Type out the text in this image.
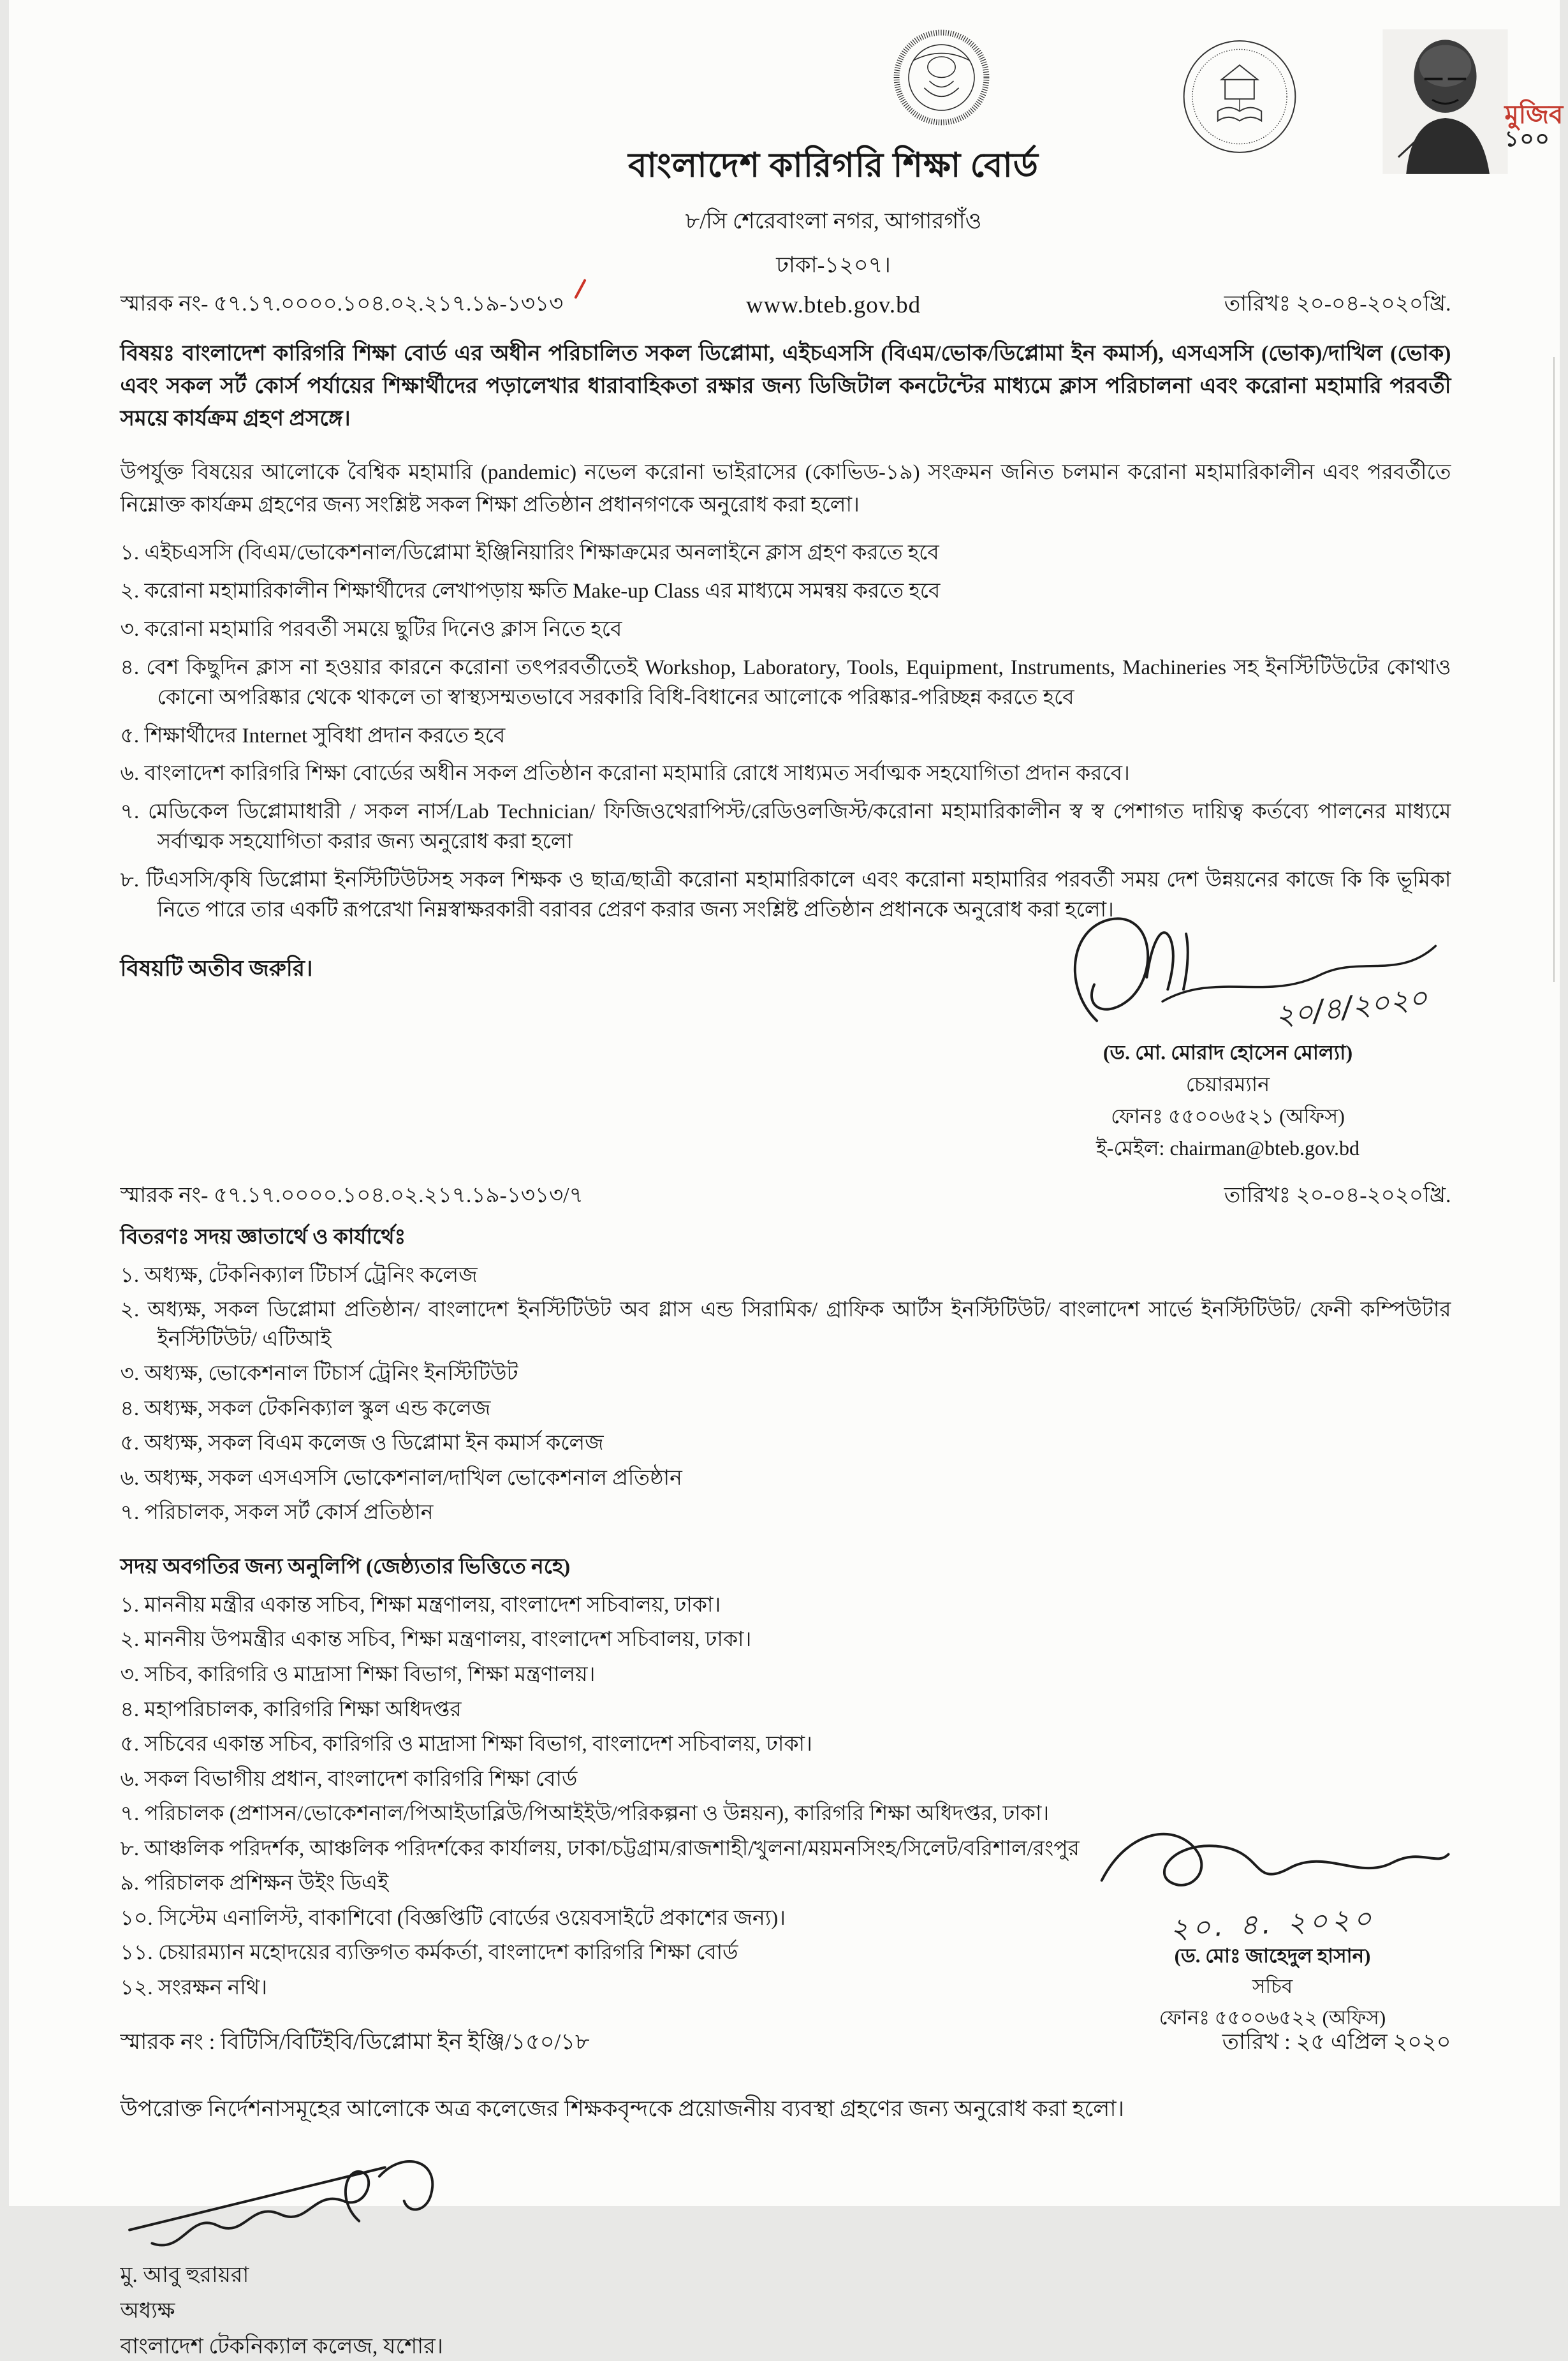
মুজিব
১০০
বাংলাদেশ কারিগরি শিক্ষা বোর্ড
৮/সি শেরেবাংলা নগর, আগারগাঁও
ঢাকা-১২০৭।
www.bteb.gov.bd
স্মারক নং- ৫৭.১৭.০০০০.১০৪.০২.২১৭.১৯-১৩১৩	তারিখঃ ২০-০৪-২০২০খ্রি.
বিষয়ঃ বাংলাদেশ কারিগরি শিক্ষা বোর্ড এর অধীন পরিচালিত সকল ডিপ্লোমা, এইচএসসি (বিএম/ভোক/ডিপ্লোমা ইন কমার্স), এসএসসি (ভোক)/দাখিল (ভোক) এবং সকল সর্ট কোর্স পর্যায়ের শিক্ষার্থীদের পড়ালেখার ধারাবাহিকতা রক্ষার জন্য ডিজিটাল কনটেন্টের মাধ্যমে ক্লাস পরিচালনা এবং করোনা মহামারি পরবর্তী সময়ে কার্যক্রম গ্রহণ প্রসঙ্গে।
উপর্যুক্ত বিষয়ের আলোকে বৈশ্বিক মহামারি (pandemic) নভেল করোনা ভাইরাসের (কোভিড-১৯) সংক্রমন জনিত চলমান করোনা মহামারিকালীন এবং পরবর্তীতে নিম্নোক্ত কার্যক্রম গ্রহণের জন্য সংশ্লিষ্ট সকল শিক্ষা প্রতিষ্ঠান প্রধানগণকে অনুরোধ করা হলো।
১. এইচএসসি (বিএম/ভোকেশনাল/ডিপ্লোমা ইঞ্জিনিয়ারিং শিক্ষাক্রমের অনলাইনে ক্লাস গ্রহণ করতে হবে
২. করোনা মহামারিকালীন শিক্ষার্থীদের লেখাপড়ায় ক্ষতি Make-up Class এর মাধ্যমে সমন্বয় করতে হবে
৩. করোনা মহামারি পরবর্তী সময়ে ছুটির দিনেও ক্লাস নিতে হবে
৪. বেশ কিছুদিন ক্লাস না হওয়ার কারনে করোনা তৎপরবর্তীতেই Workshop, Laboratory, Tools, Equipment, Instruments, Machineries সহ ইনস্টিটিউটের কোথাও কোনো অপরিষ্কার থেকে থাকলে তা স্বাস্থ্যসম্মতভাবে সরকারি বিধি-বিধানের আলোকে পরিষ্কার-পরিচ্ছন্ন করতে হবে
৫. শিক্ষার্থীদের Internet সুবিধা প্রদান করতে হবে
৬. বাংলাদেশ কারিগরি শিক্ষা বোর্ডের অধীন সকল প্রতিষ্ঠান করোনা মহামারি রোধে সাধ্যমত সর্বাত্মক সহযোগিতা প্রদান করবে।
৭. মেডিকেল ডিপ্লোমাধারী / সকল নার্স/Lab Technician/ ফিজিওথেরাপিস্ট/রেডিওলজিস্ট/করোনা মহামারিকালীন স্ব স্ব পেশাগত দায়িত্ব কর্তব্যে পালনের মাধ্যমে সর্বাত্মক সহযোগিতা করার জন্য অনুরোধ করা হলো
৮. টিএসসি/কৃষি ডিপ্লোমা ইনস্টিটিউটসহ সকল শিক্ষক ও ছাত্র/ছাত্রী করোনা মহামারিকালে এবং করোনা মহামারির পরবর্তী সময় দেশ উন্নয়নের কাজে কি কি ভূমিকা নিতে পারে তার একটি রূপরেখা নিম্নস্বাক্ষরকারী বরাবর প্রেরণ করার জন্য সংশ্লিষ্ট প্রতিষ্ঠান প্রধানকে অনুরোধ করা হলো।
বিষয়টি অতীব জরুরি।
২০/৪/২০২০
(ড. মো. মোরাদ হোসেন মোল্যা)
চেয়ারম্যান
ফোনঃ ৫৫০০৬৫২১ (অফিস)
ই-মেইল: chairman@bteb.gov.bd
স্মারক নং- ৫৭.১৭.০০০০.১০৪.০২.২১৭.১৯-১৩১৩/৭	তারিখঃ ২০-০৪-২০২০খ্রি.
বিতরণঃ সদয় জ্ঞাতার্থে ও কার্যার্থেঃ
১. অধ্যক্ষ, টেকনিক্যাল টিচার্স ট্রেনিং কলেজ
২. অধ্যক্ষ, সকল ডিপ্লোমা প্রতিষ্ঠান/ বাংলাদেশ ইনস্টিটিউট অব গ্লাস এন্ড সিরামিক/ গ্রাফিক আর্টস ইনস্টিটিউট/ বাংলাদেশ সার্ভে ইনস্টিটিউট/ ফেনী কম্পিউটার ইনস্টিটিউট/ এটিআই
৩. অধ্যক্ষ, ভোকেশনাল টিচার্স ট্রেনিং ইনস্টিটিউট
৪. অধ্যক্ষ, সকল টেকনিক্যাল স্কুল এন্ড কলেজ
৫. অধ্যক্ষ, সকল বিএম কলেজ ও ডিপ্লোমা ইন কমার্স কলেজ
৬. অধ্যক্ষ, সকল এসএসসি ভোকেশনাল/দাখিল ভোকেশনাল প্রতিষ্ঠান
৭. পরিচালক, সকল সর্ট কোর্স প্রতিষ্ঠান
সদয় অবগতির জন্য অনুলিপি (জেষ্ঠ্যতার ভিত্তিতে নহে)
১. মাননীয় মন্ত্রীর একান্ত সচিব, শিক্ষা মন্ত্রণালয়, বাংলাদেশ সচিবালয়, ঢাকা।
২. মাননীয় উপমন্ত্রীর একান্ত সচিব, শিক্ষা মন্ত্রণালয়, বাংলাদেশ সচিবালয়, ঢাকা।
৩. সচিব, কারিগরি ও মাদ্রাসা শিক্ষা বিভাগ, শিক্ষা মন্ত্রণালয়।
৪. মহাপরিচালক, কারিগরি শিক্ষা অধিদপ্তর
৫. সচিবের একান্ত সচিব, কারিগরি ও মাদ্রাসা শিক্ষা বিভাগ, বাংলাদেশ সচিবালয়, ঢাকা।
৬. সকল বিভাগীয় প্রধান, বাংলাদেশ কারিগরি শিক্ষা বোর্ড
৭. পরিচালক (প্রশাসন/ভোকেশনাল/পিআইডাব্লিউ/পিআইইউ/পরিকল্পনা ও উন্নয়ন), কারিগরি শিক্ষা অধিদপ্তর, ঢাকা।
৮. আঞ্চলিক পরিদর্শক, আঞ্চলিক পরিদর্শকের কার্যালয়, ঢাকা/চট্টগ্রাম/রাজশাহী/খুলনা/ময়মনসিংহ/সিলেট/বরিশাল/রংপুর
৯. পরিচালক প্রশিক্ষন উইং ডিএই
১০. সিস্টেম এনালিস্ট, বাকাশিবো (বিজ্ঞপ্তিটি বোর্ডের ওয়েবসাইটে প্রকাশের জন্য)।
১১. চেয়ারম্যান মহোদয়ের ব্যক্তিগত কর্মকর্তা, বাংলাদেশ কারিগরি শিক্ষা বোর্ড
১২. সংরক্ষন নথি।
২০. ৪. ২০২০
(ড. মোঃ জাহেদুল হাসান)
সচিব
ফোনঃ ৫৫০০৬৫২২ (অফিস)
স্মারক নং : বিটিসি/বিটিইবি/ডিপ্লোমা ইন ইঞ্জি/১৫০/১৮	তারিখ : ২৫ এপ্রিল ২০২০
উপরোক্ত নির্দেশনাসমূহের আলোকে অত্র কলেজের শিক্ষকবৃন্দকে প্রয়োজনীয় ব্যবস্থা গ্রহণের জন্য অনুরোধ করা হলো।
মু. আবু হুরায়রা
অধ্যক্ষ
বাংলাদেশ টেকনিক্যাল কলেজ, যশোর।
